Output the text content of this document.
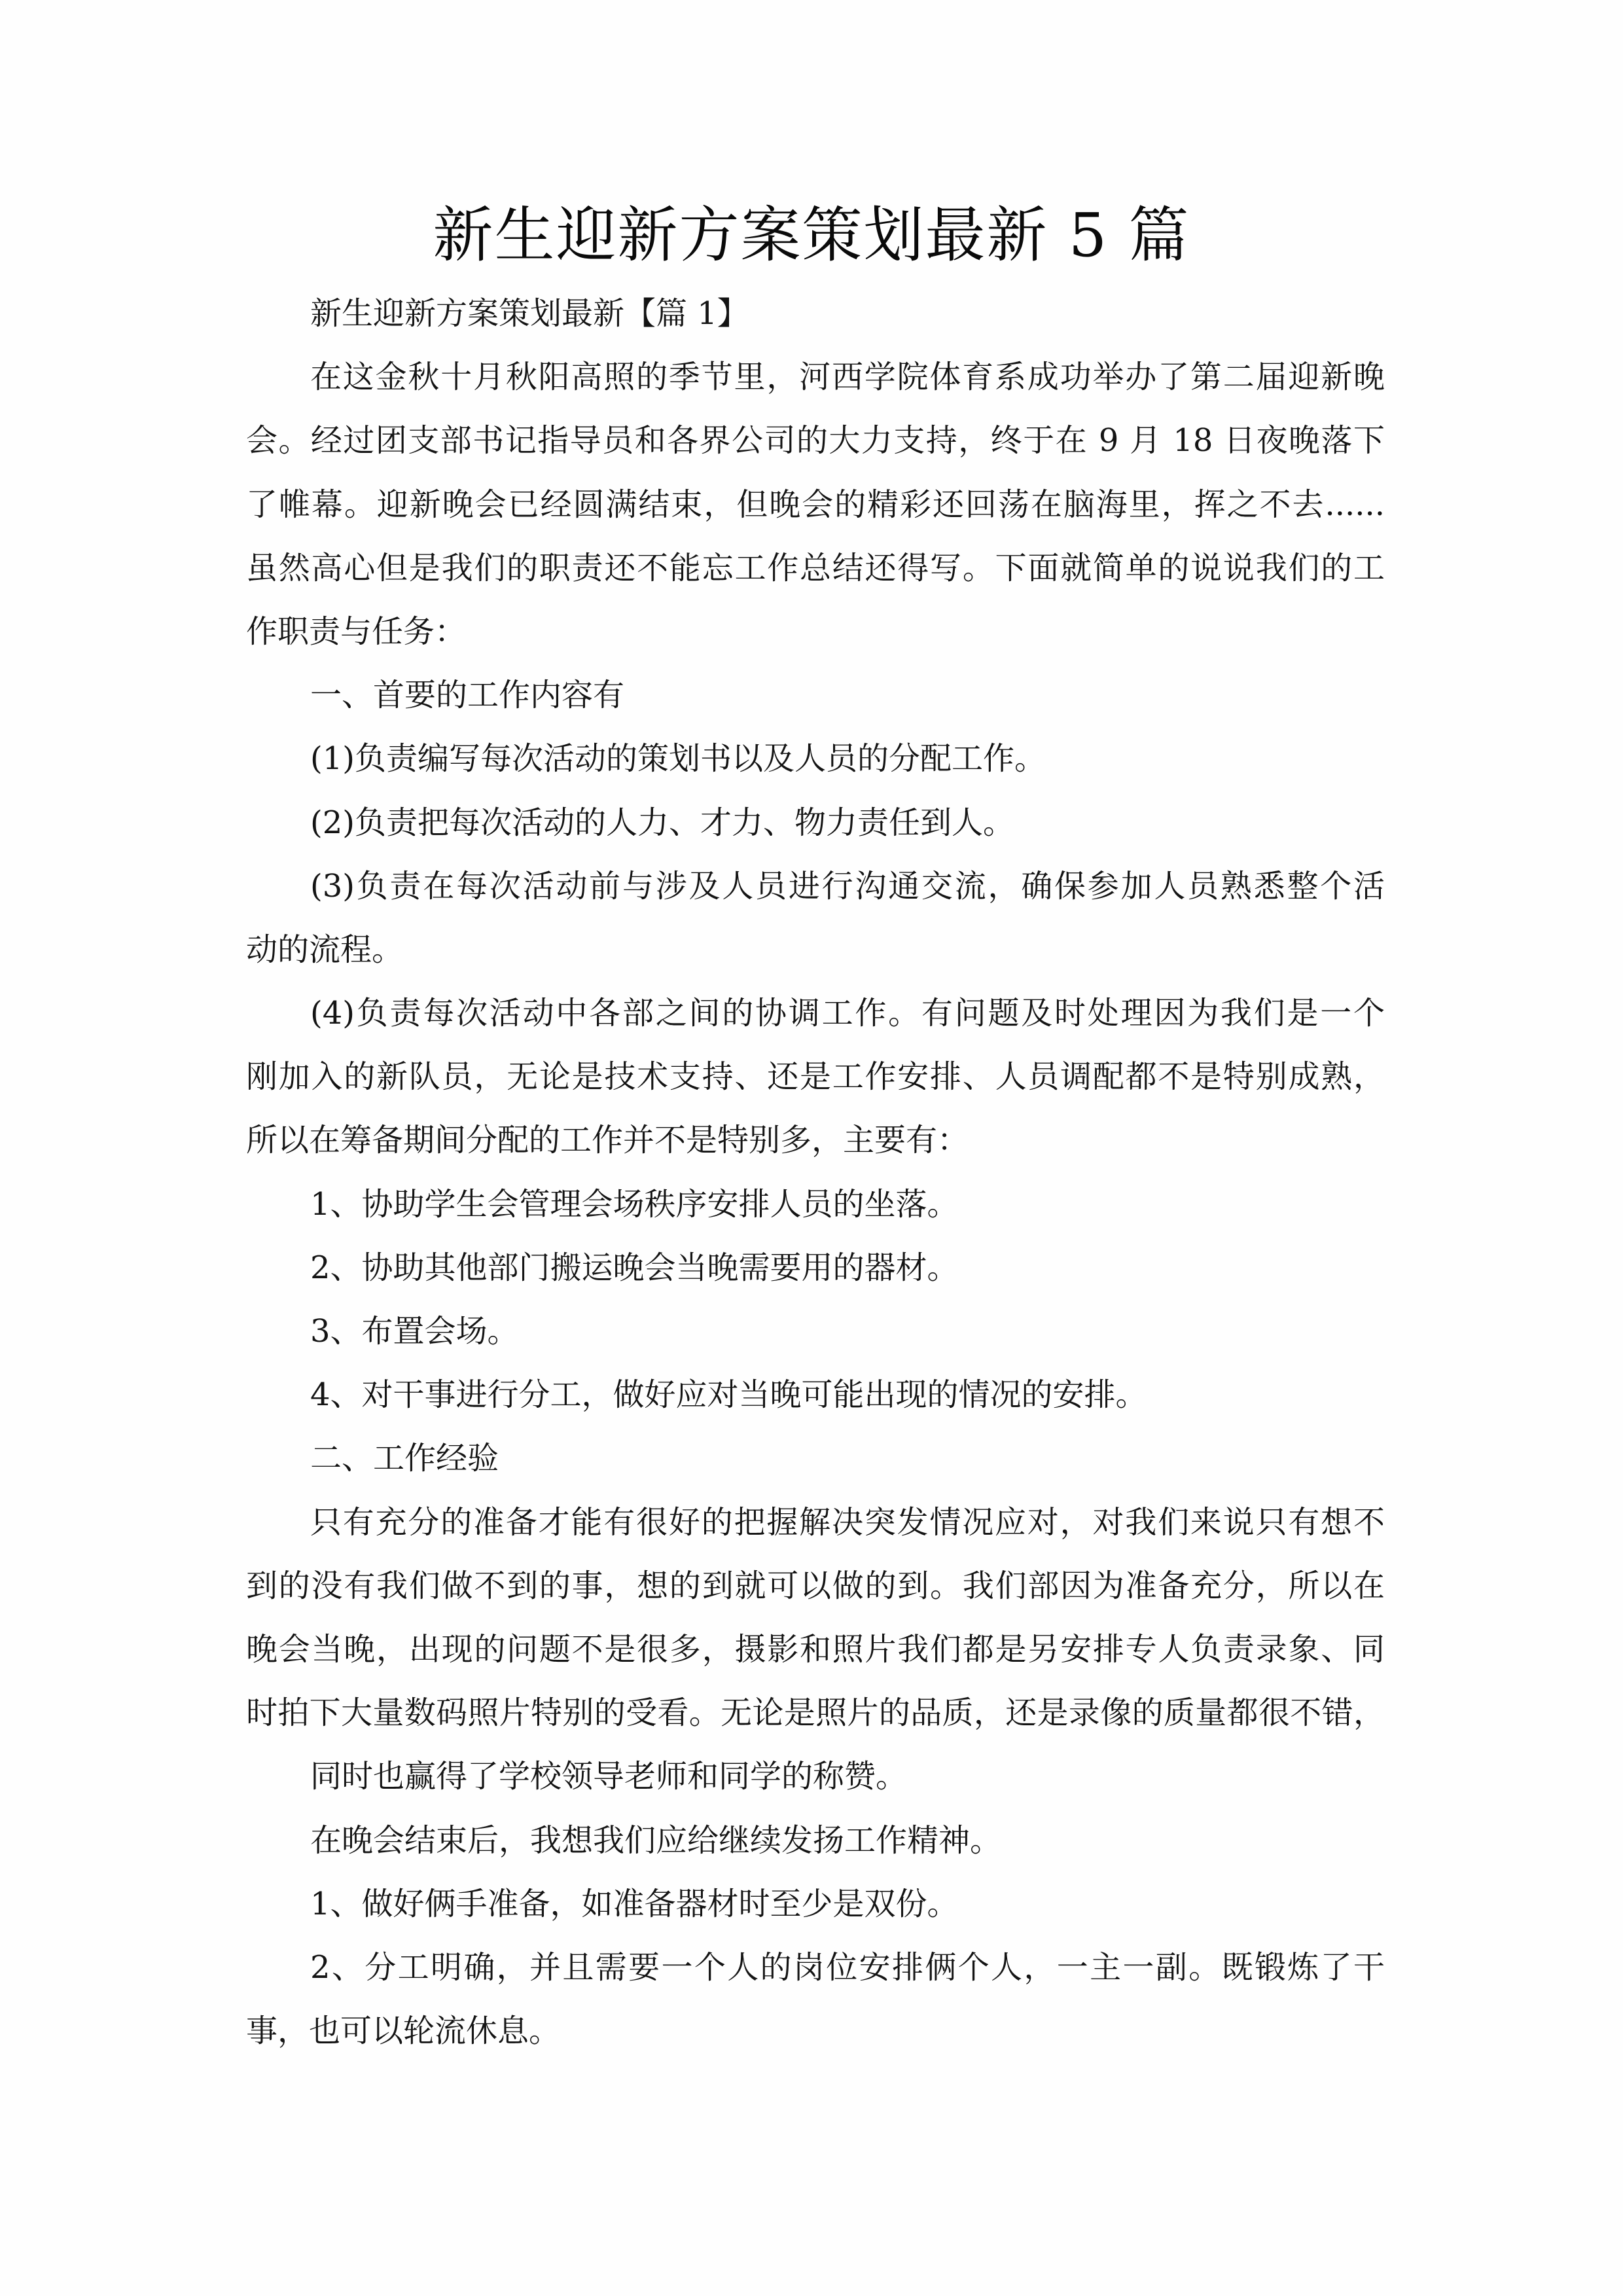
新生迎新方案策划最新 5 篇
新生迎新方案策划最新【篇 1】
在这金秋十月秋阳高照的季节里，河西学院体育系成功举办了第二届迎新晚
会。经过团支部书记指导员和各界公司的大力支持，终于在 9 月 18 日夜晚落下
了帷幕。迎新晚会已经圆满结束，但晚会的精彩还回荡在脑海里，挥之不去......
虽然高心但是我们的职责还不能忘工作总结还得写。下面就简单的说说我们的工
作职责与任务：
一、首要的工作内容有
(1)负责编写每次活动的策划书以及人员的分配工作。
(2)负责把每次活动的人力、才力、物力责任到人。
(3)负责在每次活动前与涉及人员进行沟通交流，确保参加人员熟悉整个活
动的流程。
(4)负责每次活动中各部之间的协调工作。有问题及时处理因为我们是一个
刚加入的新队员，无论是技术支持、还是工作安排、人员调配都不是特别成熟，
所以在筹备期间分配的工作并不是特别多，主要有：
1、协助学生会管理会场秩序安排人员的坐落。
2、协助其他部门搬运晚会当晚需要用的器材。
3、布置会场。
4、对干事进行分工，做好应对当晚可能出现的情况的安排。
二、工作经验
只有充分的准备才能有很好的把握解决突发情况应对，对我们来说只有想不
到的没有我们做不到的事，想的到就可以做的到。我们部因为准备充分，所以在
晚会当晚，出现的问题不是很多，摄影和照片我们都是另安排专人负责录象、同
时拍下大量数码照片特别的受看。无论是照片的品质，还是录像的质量都很不错，
同时也赢得了学校领导老师和同学的称赞。
在晚会结束后，我想我们应给继续发扬工作精神。
1、做好俩手准备，如准备器材时至少是双份。
2、分工明确，并且需要一个人的岗位安排俩个人，一主一副。既锻炼了干
事，也可以轮流休息。
